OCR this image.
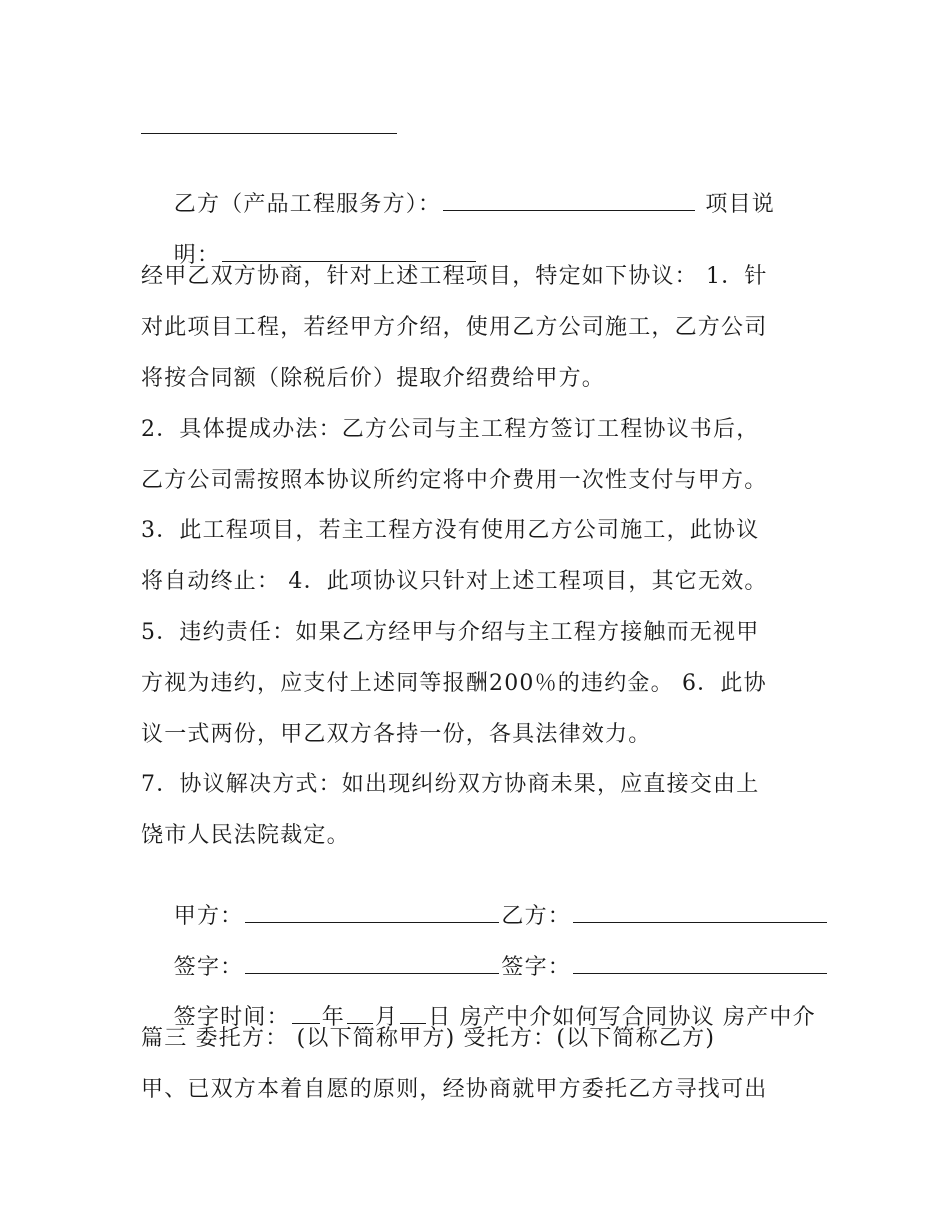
乙方（产品工程服务方）：	项目说

明：

经甲乙双方协商，针对上述工程项目，特定如下协议： 1．针
对此项目工程，若经甲方介绍，使用乙方公司施工，乙方公司
将按合同额（除税后价）提取介绍费给甲方。
2．具体提成办法：乙方公司与主工程方签订工程协议书后，
乙方公司需按照本协议所约定将中介费用一次性支付与甲方。
3．此工程项目，若主工程方没有使用乙方公司施工，此协议
将自动终止： 4．此项协议只针对上述工程项目，其它无效。
5．违约责任：如果乙方经甲与介绍与主工程方接触而无视甲
方视为违约，应支付上述同等报酬200％的违约金。 6．此协
议一式两份，甲乙双方各持一份，各具法律效力。
7．协议解决方式：如出现纠纷双方协商未果，应直接交由上
饶市人民法院裁定。

甲方：	乙方：

签字：	签字：

签字时间： 年 月 日 房产中介如何写合同协议 房产中介

篇三 委托方： (以下简称甲方) 受托方：(以下简称乙方)
甲、已双方本着自愿的原则，经协商就甲方委托乙方寻找可出
